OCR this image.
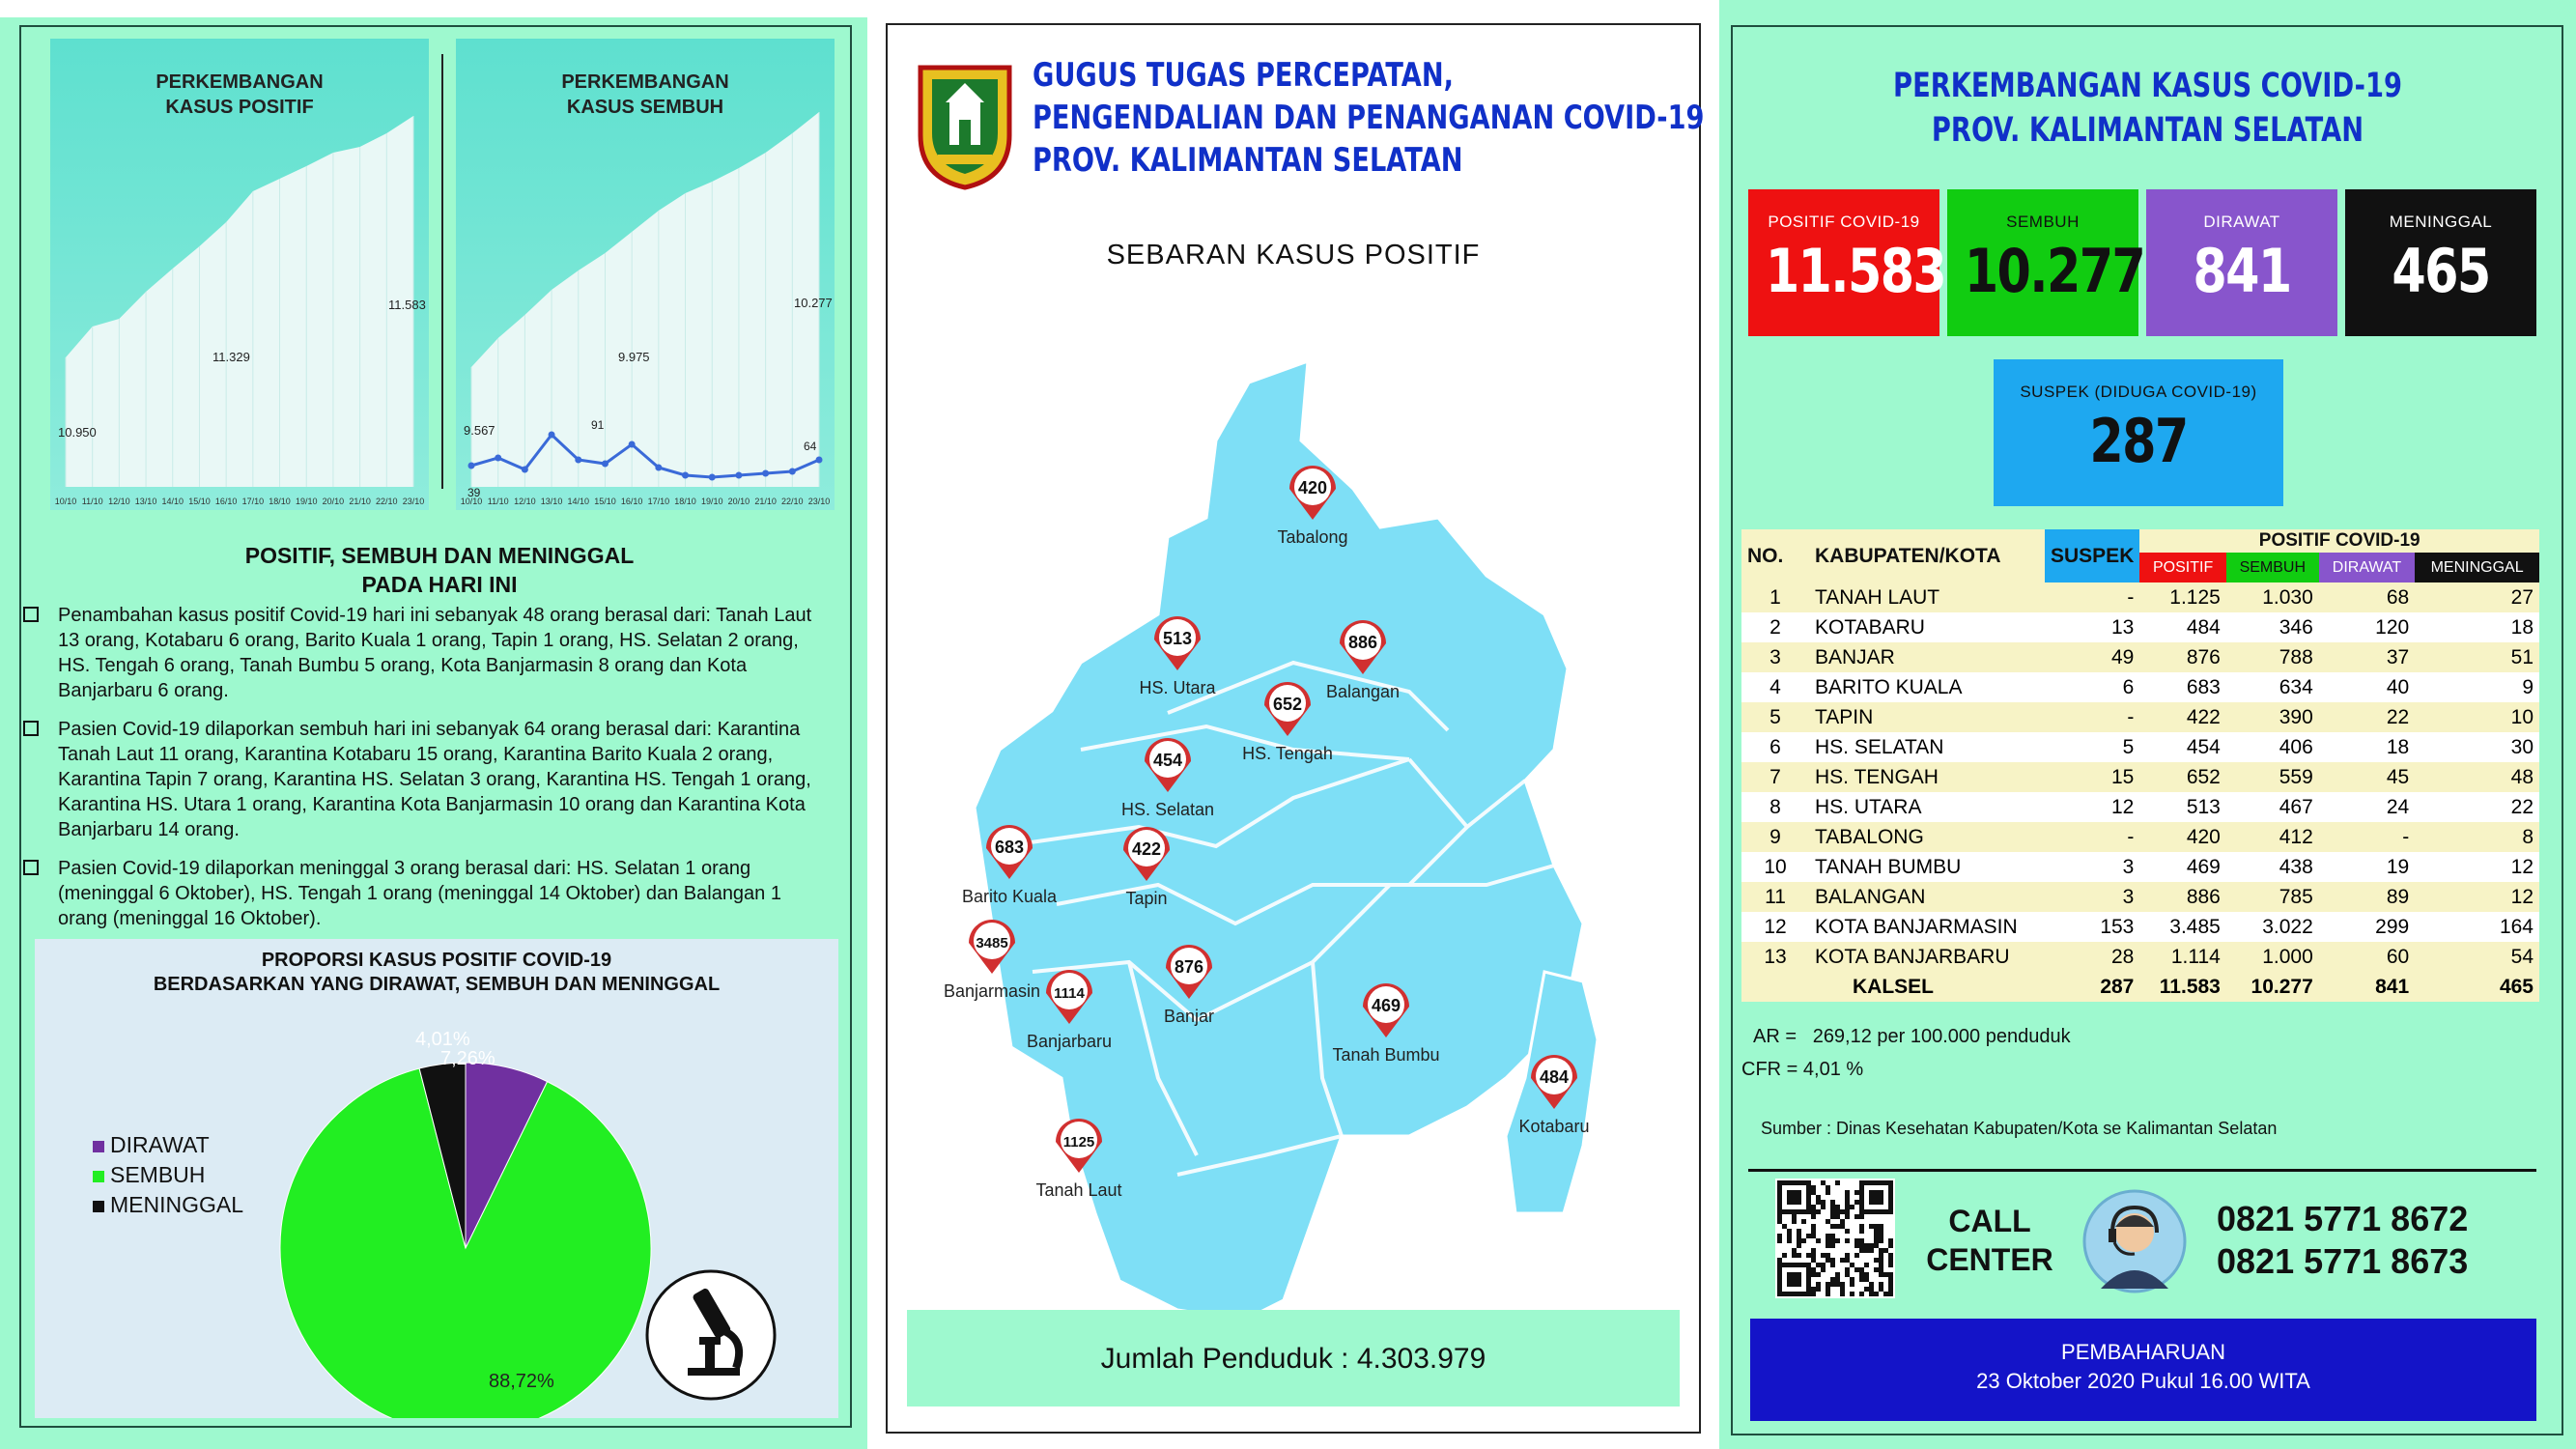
PERKEMBANGAN
KASUS POSITIF
10/10 11/10 12/10 13/10 14/10 15/10 16/10 17/10 18/10 19/10 20/10 21/10 22/10 23/10
10.950
11.329
11.583
PERKEMBANGAN
KASUS SEMBUH
10/10 11/10 12/10 13/10 14/10 15/10 16/10 17/10 18/10 19/10 20/10 21/10 22/10 23/10
9.567
9.975
10.277
39
91
64
POSITIF, SEMBUH DAN MENINGGAL
PADA HARI INI
Penambahan kasus positif Covid-19 hari ini sebanyak 48 orang berasal dari: Tanah Laut 13 orang, Kotabaru 6 orang, Barito Kuala 1 orang, Tapin 1 orang, HS. Selatan 2 orang, HS. Tengah 6 orang, Tanah Bumbu 5 orang, Kota Banjarmasin 8 orang dan Kota Banjarbaru 6 orang.
Pasien Covid-19 dilaporkan sembuh hari ini sebanyak 64 orang berasal dari: Karantina Tanah Laut 11 orang, Karantina Kotabaru 15 orang, Karantina Barito Kuala 2 orang, Karantina Tapin 7 orang, Karantina HS. Selatan 3 orang, Karantina HS. Tengah 1 orang, Karantina HS. Utara 1 orang, Karantina Kota Banjarmasin 10 orang dan Karantina Kota Banjarbaru 14 orang.
Pasien Covid-19 dilaporkan meninggal 3 orang berasal dari: HS. Selatan 1 orang (meninggal 6 Oktober), HS. Tengah 1 orang (meninggal 14 Oktober) dan Balangan 1 orang (meninggal 16 Oktober).
PROPORSI KASUS POSITIF COVID-19
BERDASARKAN YANG DIRAWAT, SEMBUH DAN MENINGGAL
DIRAWAT
SEMBUH
MENINGGAL
7,26%
88,72%
4,01%
GUGUS TUGAS PERCEPATAN,
PENGENDALIAN DAN PENANGANAN COVID-19
PROV. KALIMANTAN SELATAN
SEBARAN KASUS POSITIF
420
Tabalong
513
HS. Utara
886
Balangan
652
HS. Tengah
454
HS. Selatan
683
Barito Kuala
422
Tapin
3485
Banjarmasin 1114
Banjarbaru
876
Banjar
469
Tanah Bumbu
484
Kotabaru
1125
Tanah Laut
Jumlah Penduduk : 4.303.979
PERKEMBANGAN KASUS COVID-19
PROV. KALIMANTAN SELATAN
POSITIF COVID-19
11.583
SEMBUH
10.277
DIRAWAT
841
MENINGGAL
465
SUSPEK (DIDUGA COVID-19)
287
NO.	KABUPATEN/KOTA	SUSPEK	POSITIF COVID-19			
			POSITIF	SEMBUH	DIRAWAT	MENINGGAL
1	TANAH LAUT	-	1.125	1.030	68	27
2	KOTABARU	13	484	346	120	18
3	BANJAR	49	876	788	37	51
4	BARITO KUALA	6	683	634	40	9
5	TAPIN	-	422	390	22	10
6	HS. SELATAN	5	454	406	18	30
7	HS. TENGAH	15	652	559	45	48
8	HS. UTARA	12	513	467	24	22
9	TABALONG	-	420	412	-	8
10	TANAH BUMBU	3	469	438	19	12
11	BALANGAN	3	886	785	89	12
12	KOTA BANJARMASIN	153	3.485	3.022	299	164
13	KOTA BANJARBARU	28	1.114	1.000	60	54
KALSEL		287	11.583	10.277	841	465
AR =   269,12 per 100.000 penduduk
CFR = 4,01 %
Sumber : Dinas Kesehatan Kabupaten/Kota se Kalimantan Selatan
CALL
CENTER
0821 5771 8672
0821 5771 8673
PEMBAHARUAN
23 Oktober 2020 Pukul 16.00 WITA
